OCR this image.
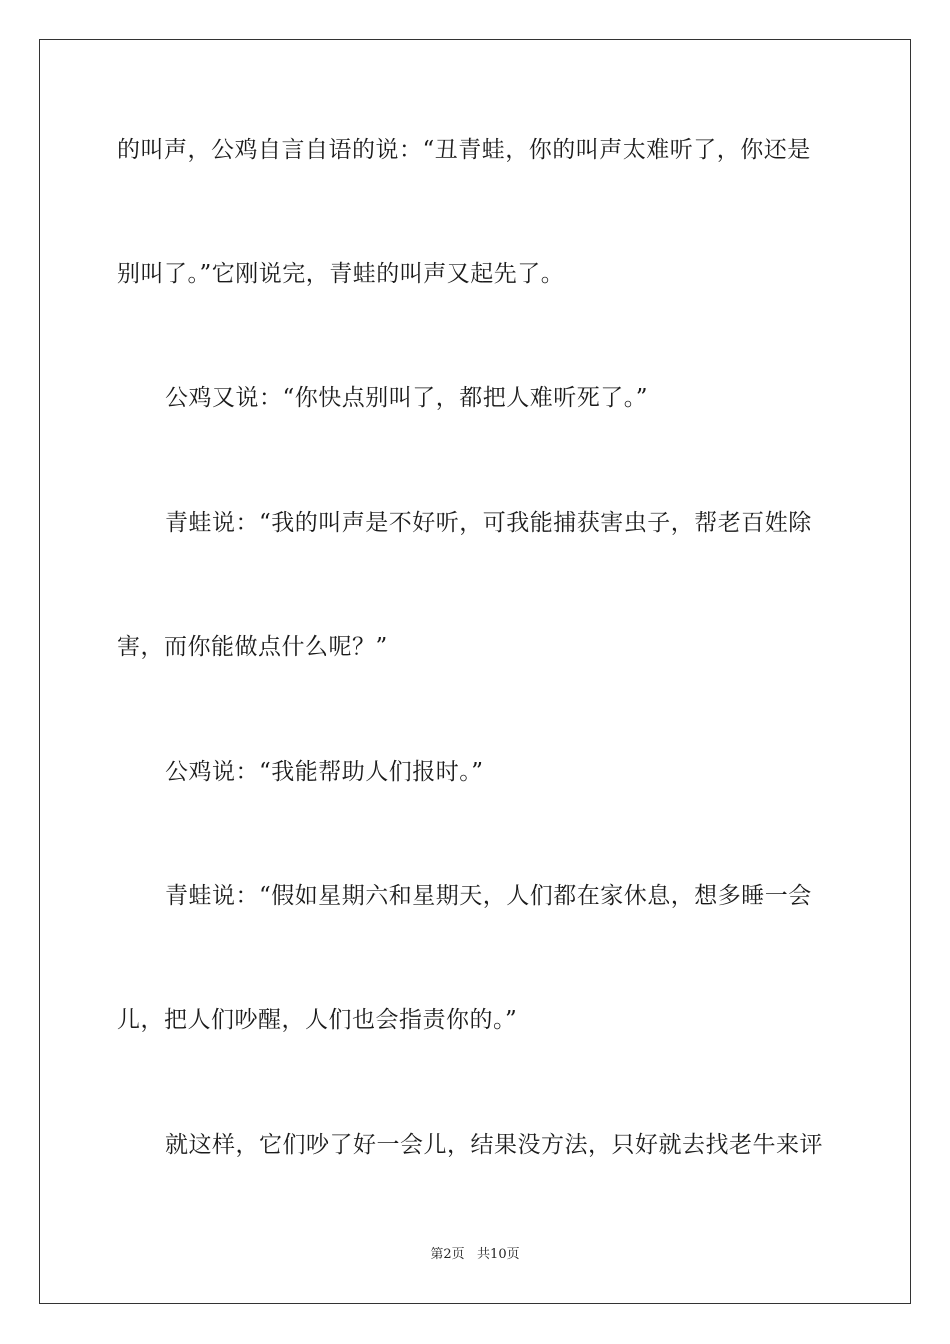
的叫声，公鸡自言自语的说：“丑青蛙，你的叫声太难听了，你还是
别叫了。”它刚说完，青蛙的叫声又起先了。
公鸡又说：“你快点别叫了，都把人难听死了。”
青蛙说：“我的叫声是不好听，可我能捕获害虫子，帮老百姓除
害，而你能做点什么呢？”
公鸡说：“我能帮助人们报时。”
青蛙说：“假如星期六和星期天，人们都在家休息，想多睡一会
儿，把人们吵醒，人们也会指责你的。”
就这样，它们吵了好一会儿，结果没方法，只好就去找老牛来评
第2页   共10页
